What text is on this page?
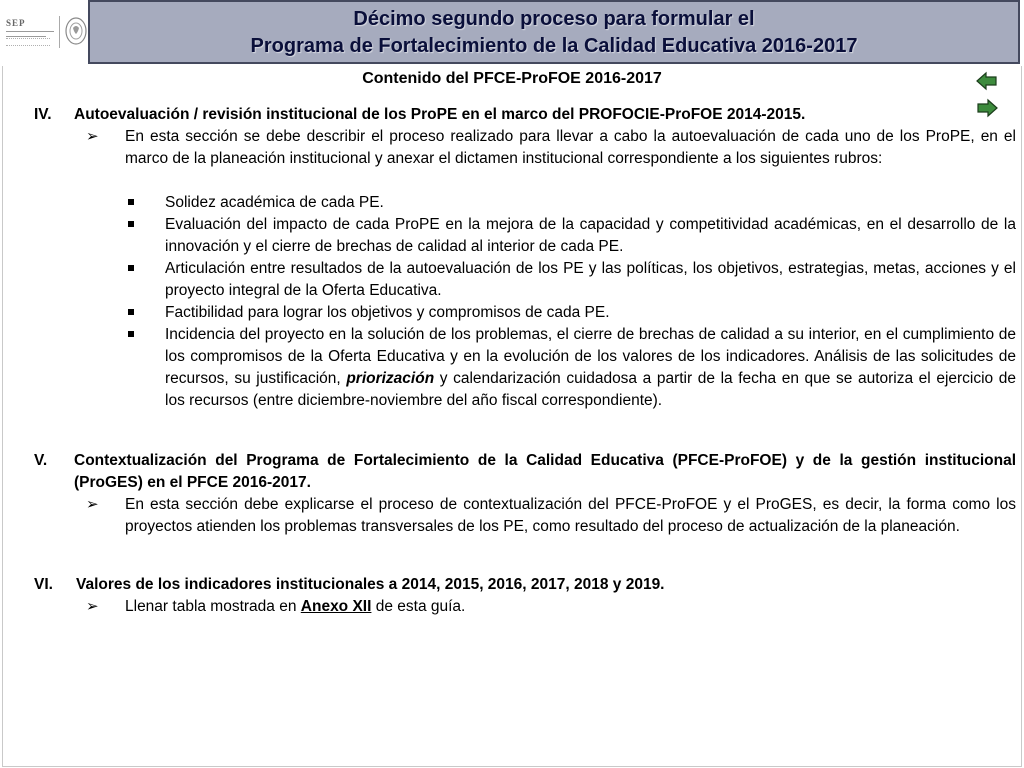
SEP	Décimo segundo proceso para formular el
Programa de Fortalecimiento de la Calidad Educativa 2016-2017
Contenido del PFCE-ProFOE 2016-2017

IV. Autoevaluación / revisión institucional de los ProPE en el marco del PROFOCIE-ProFOE 2014-2015.
➢ En esta sección se debe describir el proceso realizado para llevar a cabo la autoevaluación de cada uno de los ProPE, en el marco de la planeación institucional y anexar el dictamen institucional correspondiente a los siguientes rubros:
Solidez académica de cada PE.
Evaluación del impacto de cada ProPE en la mejora de la capacidad y competitividad académicas, en el desarrollo de la innovación y el cierre de brechas de calidad al interior de cada PE.
Articulación entre resultados de la autoevaluación de los PE y las políticas, los objetivos, estrategias, metas, acciones y el proyecto integral de la Oferta Educativa.
Factibilidad para lograr los objetivos y compromisos de cada PE.
Incidencia del proyecto en la solución de los problemas, el cierre de brechas de calidad a su interior, en el cumplimiento de los compromisos de la Oferta Educativa y en la evolución de los valores de los indicadores. Análisis de las solicitudes de recursos, su justificación, priorización y calendarización cuidadosa a partir de la fecha en que se autoriza el ejercicio de los recursos (entre diciembre-noviembre del año fiscal correspondiente).
V. Contextualización del Programa de Fortalecimiento de la Calidad Educativa (PFCE-ProFOE) y de la gestión institucional (ProGES) en el PFCE 2016-2017.
➢ En esta sección debe explicarse el proceso de contextualización del PFCE-ProFOE y el ProGES, es decir, la forma como los proyectos atienden los problemas transversales de los PE, como resultado del proceso de actualización de la planeación.
VI. Valores de los indicadores institucionales a 2014, 2015, 2016, 2017, 2018 y 2019.
➢ Llenar tabla mostrada en Anexo XII de esta guía.
